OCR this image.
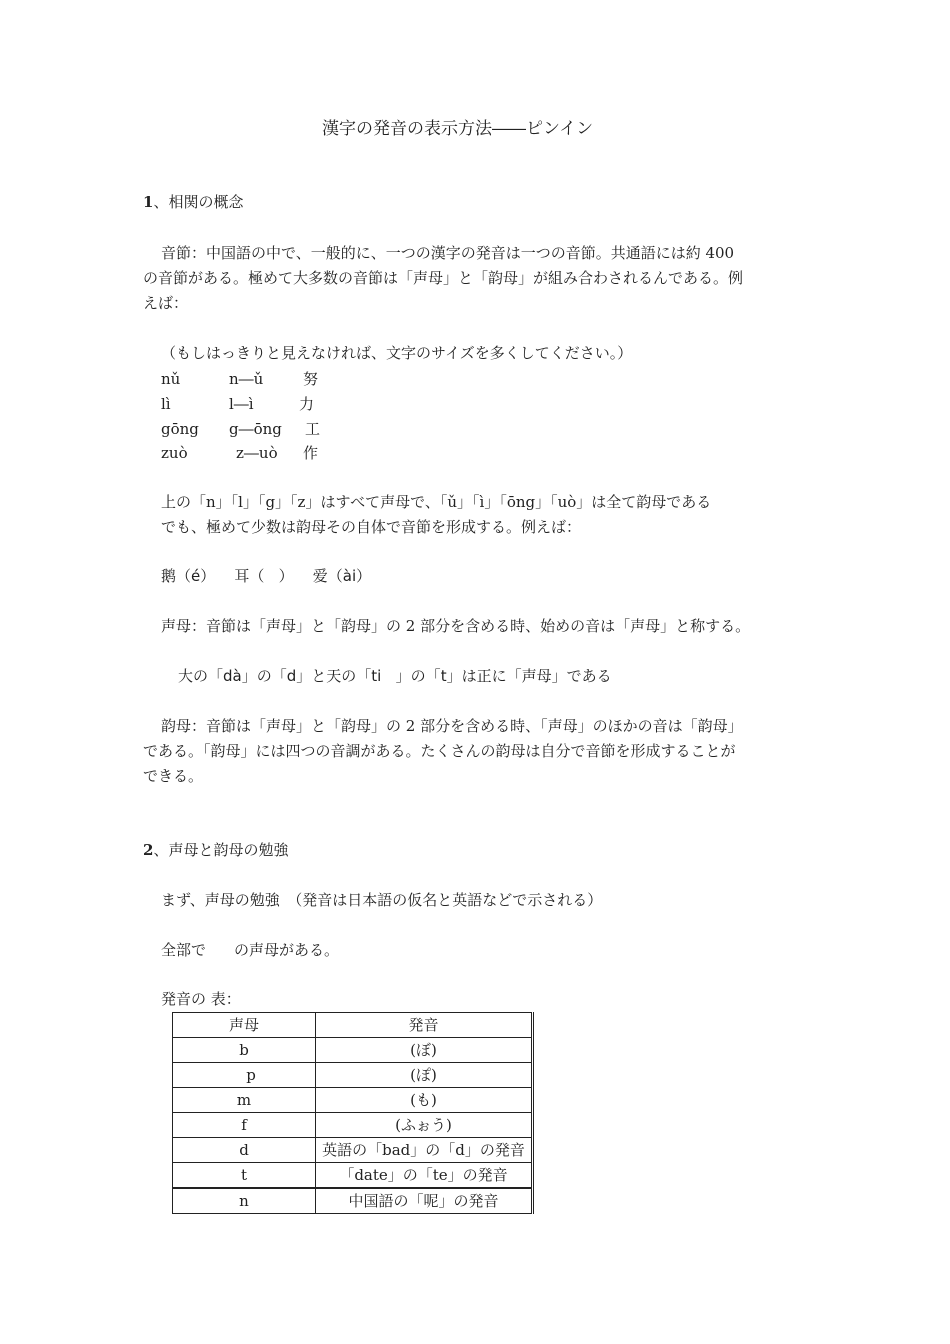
漢字の発音の表示方法――ピンイン
1、相関の概念
音節：中国語の中で、一般的に、一つの漢字の発音は一つの音節。共通語には約 400
の音節がある。極めて大多数の音節は「声母」と「韵母」が組み合わされるんである。例
えば：
（もしはっきりと見えなければ、文字のサイズを多くしてください。）
nǔ	n―ǔ	努
lì	l―ì	力
gōng g―ōng 工
zuò	z―uò 作
上の「n」「l」「g」「z」はすべて声母で、「ǔ」「ì」「ōng」「uò」は全て韵母である
でも、極めて少数は韵母その自体で音節を形成する。例えば：
鹅（é）    耳（   ）    爱（ài）
声母：音節は「声母」と「韵母」の 2 部分を含める時、始めの音は「声母」と称する。
大の「dà」の「d」と天の「ti 」の「t」は正に「声母」である
韵母：音節は「声母」と「韵母」の 2 部分を含める時、「声母」のほかの音は「韵母」
である。「韵母」には四つの音調がある。たくさんの韵母は自分で音節を形成することが
できる。
2、声母と韵母の勉強
まず、声母の勉強　（発音は日本語の仮名と英語などで示される）
全部で の声母がある。
発音の 表：
声母	発音
b	(ぼ)
p	(ぽ)
m	(も)
f	(ふぉう)
d	英語の「bad」の「d」の発音
t	「date」の「te」の発音
n	中国語の「呢」の発音
